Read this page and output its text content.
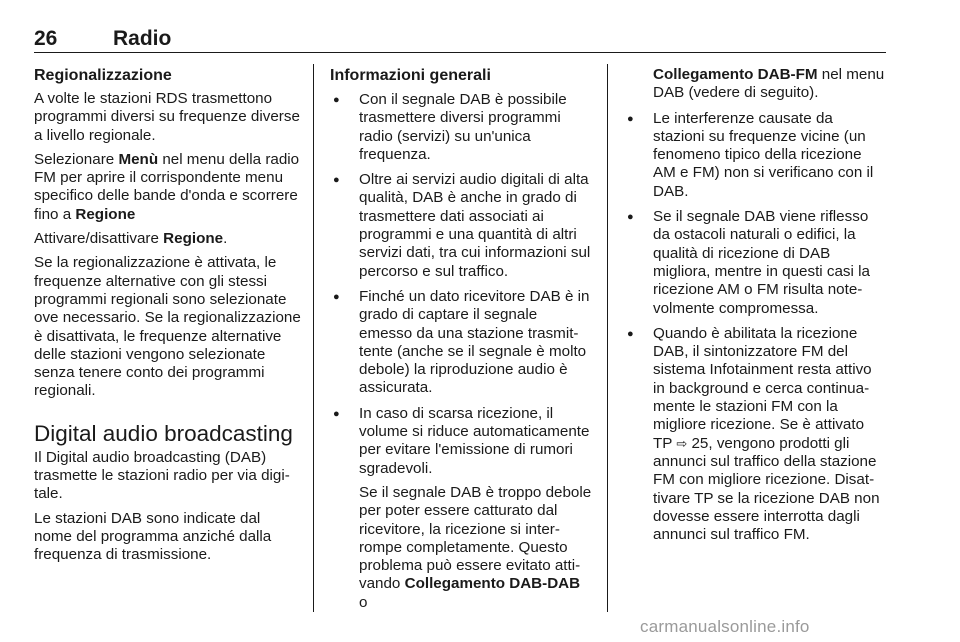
26	Radio
Regionalizzazione

A volte le stazioni RDS trasmettono programmi diversi su frequenze diverse a livello regionale.

Selezionare Menù nel menu della radio FM per aprire il corrispondente menu specifico delle bande d'onda e scorrere fino a Regione

Attivare/disattivare Regione.

Se la regionalizzazione è attivata, le frequenze alternative con gli stessi programmi regionali sono selezionate ove necessario. Se la regionalizzazione è disattivata, le frequenze alternative delle stazioni vengono selezionate senza tenere conto dei programmi regionali.

Digital audio broadcasting

Il Digital audio broadcasting (DAB) trasmette le stazioni radio per via digitale.

Le stazioni DAB sono indicate dal nome del programma anziché dalla frequenza di trasmissione.

Informazioni generali
● Con il segnale DAB è possibile trasmettere diversi programmi radio (servizi) su un'unica frequenza.
● Oltre ai servizi audio digitali di alta qualità, DAB è anche in grado di trasmettere dati associati ai programmi e una quantità di altri servizi dati, tra cui informazioni sul percorso e sul traffico.
● Finché un dato ricevitore DAB è in grado di captare il segnale emesso da una stazione trasmittente (anche se il segnale è molto debole) la riproduzione audio è assicurata.
● In caso di scarsa ricezione, il volume si riduce automaticamente per evitare l'emissione di rumori sgradevoli.

Se il segnale DAB è troppo debole per poter essere catturato dal ricevitore, la ricezione si interrompe completamente. Questo problema può essere evitato attivando Collegamento DAB-DAB o

Collegamento DAB-FM nel menu DAB (vedere di seguito).

● Le interferenze causate da stazioni su frequenze vicine (un fenomeno tipico della ricezione AM e FM) non si verificano con il DAB.
● Se il segnale DAB viene riflesso da ostacoli naturali o edifici, la qualità di ricezione di DAB migliora, mentre in questi casi la ricezione AM o FM risulta notevolmente compromessa.
● Quando è abilitata la ricezione DAB, il sintonizzatore FM del sistema Infotainment resta attivo in background e cerca continuamente le stazioni FM con la migliore ricezione. Se è attivato TP ⇨ 25, vengono prodotti gli annunci sul traffico della stazione FM con migliore ricezione. Disattivare TP se la ricezione DAB non dovesse essere interrotta dagli annunci sul traffico FM.
carmanualsonline.info
